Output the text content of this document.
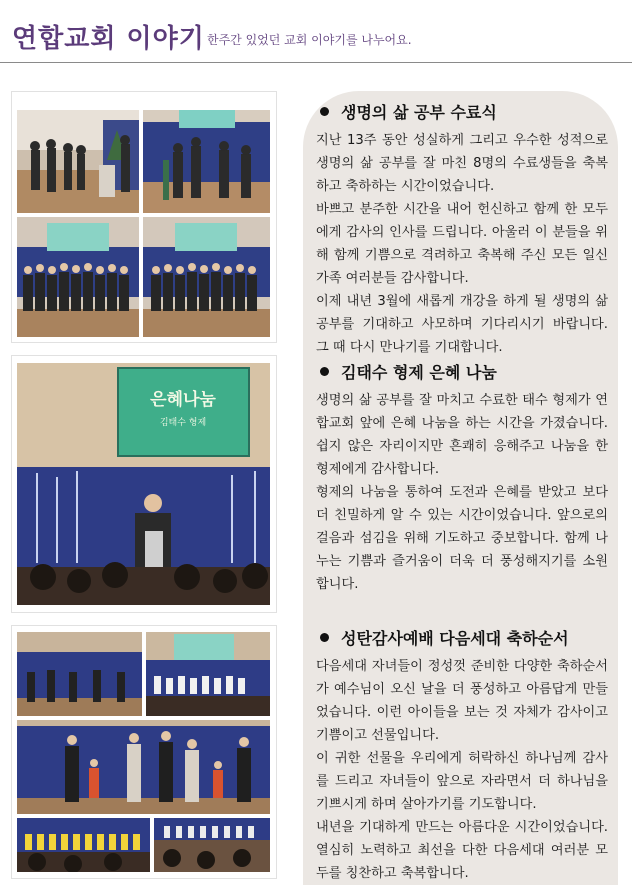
연합교회 이야기 한주간 있었던 교회 이야기를 나누어요.
은혜나눔
김태수 형제
생명의 삶 공부 수료식

지난 13주 동안 성실하게 그리고 우수한 성적으로 생명의 삶 공부를 잘 마친 8명의 수료생들을 축복하고 축하하는 시간이었습니다.

바쁘고 분주한 시간을 내어 헌신하고 함께 한 모두에게 감사의 인사를 드립니다. 아울러 이 분들을 위해 함께 기쁨으로 격려하고 축복해 주신 모든 일신 가족 여러분들 감사합니다.

이제 내년 3월에 새롭게 개강을 하게 될 생명의 삶 공부를 기대하고 사모하며 기다리시기 바랍니다. 그 때 다시 만나기를 기대합니다.

김태수 형제 은혜 나눔

생명의 삶 공부를 잘 마치고 수료한 태수 형제가 연합교회 앞에 은혜 나눔을 하는 시간을 가졌습니다. 쉽지 않은 자리이지만 흔쾌히 응해주고 나눔을 한 형제에게 감사합니다.

형제의 나눔을 통하여 도전과 은혜를 받았고 보다 더 친밀하게 알 수 있는 시간이었습니다. 앞으로의 걸음과 섬김을 위해 기도하고 중보합니다. 함께 나누는 기쁨과 즐거움이 더욱 더 풍성해지기를 소원합니다.

성탄감사예배 다음세대 축하순서

다음세대 자녀들이 정성껏 준비한 다양한 축하순서가 예수님이 오신 날을 더 풍성하고 아름답게 만들었습니다. 이런 아이들을 보는 것 자체가 감사이고 기쁨이고 선물입니다.

이 귀한 선물을 우리에게 허락하신 하나님께 감사를 드리고 자녀들이 앞으로 자라면서 더 하나님을 기쁘시게 하며 살아가기를 기도합니다.

내년을 기대하게 만드는 아름다운 시간이었습니다. 열심히 노력하고 최선을 다한 다음세대 여러분 모두를 칭찬하고 축복합니다.
